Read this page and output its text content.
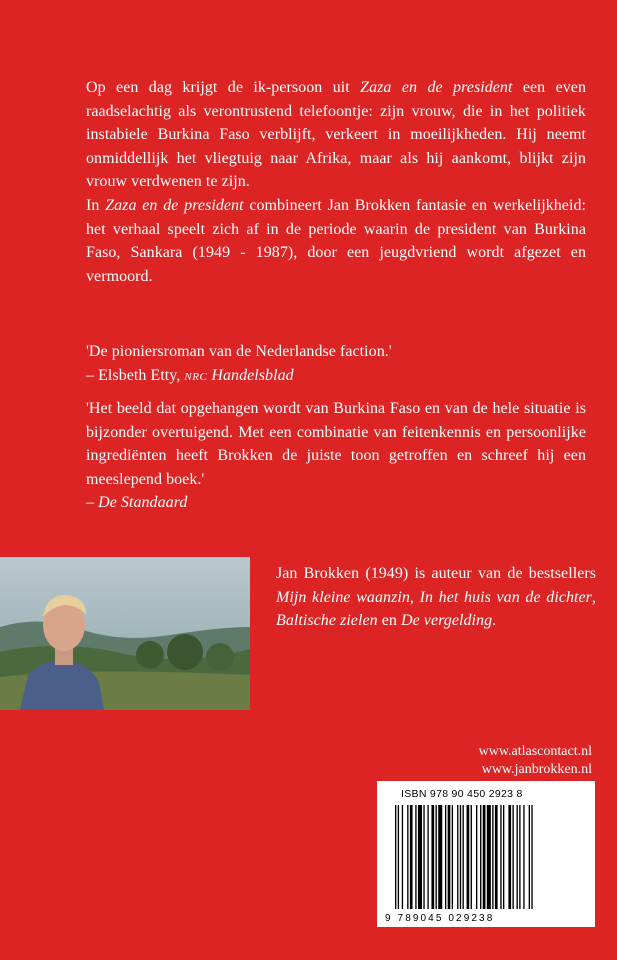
Op een dag krijgt de ik-persoon uit Zaza en de president een even raadselachtig als verontrustend telefoontje: zijn vrouw, die in het politiek instabiele Burkina Faso verblijft, verkeert in moeilijkheden. Hij neemt onmiddellijk het vliegtuig naar Afrika, maar als hij aankomt, blijkt zijn vrouw verdwenen te zijn.

In Zaza en de president combineert Jan Brokken fantasie en werkelijkheid: het verhaal speelt zich af in de periode waarin de president van Burkina Faso, Sankara (1949 - 1987), door een jeugdvriend wordt afgezet en vermoord.

'De pioniersroman van de Nederlandse faction.'

– Elsbeth Etty, NRC Handelsblad

'Het beeld dat opgehangen wordt van Burkina Faso en van de hele situatie is bijzonder overtuigend. Met een combinatie van feitenkennis en persoonlijke ingrediënten heeft Brokken de juiste toon getroffen en schreef hij een meeslepend boek.'

– De Standaard

Jan Brokken (1949) is auteur van de bestsellers Mijn kleine waanzin, In het huis van de dichter, Baltische zielen en De vergelding.

www.atlascontact.nl
www.janbrokken.nl
ISBN 978 90 450 2923 8
9 789045 029238
